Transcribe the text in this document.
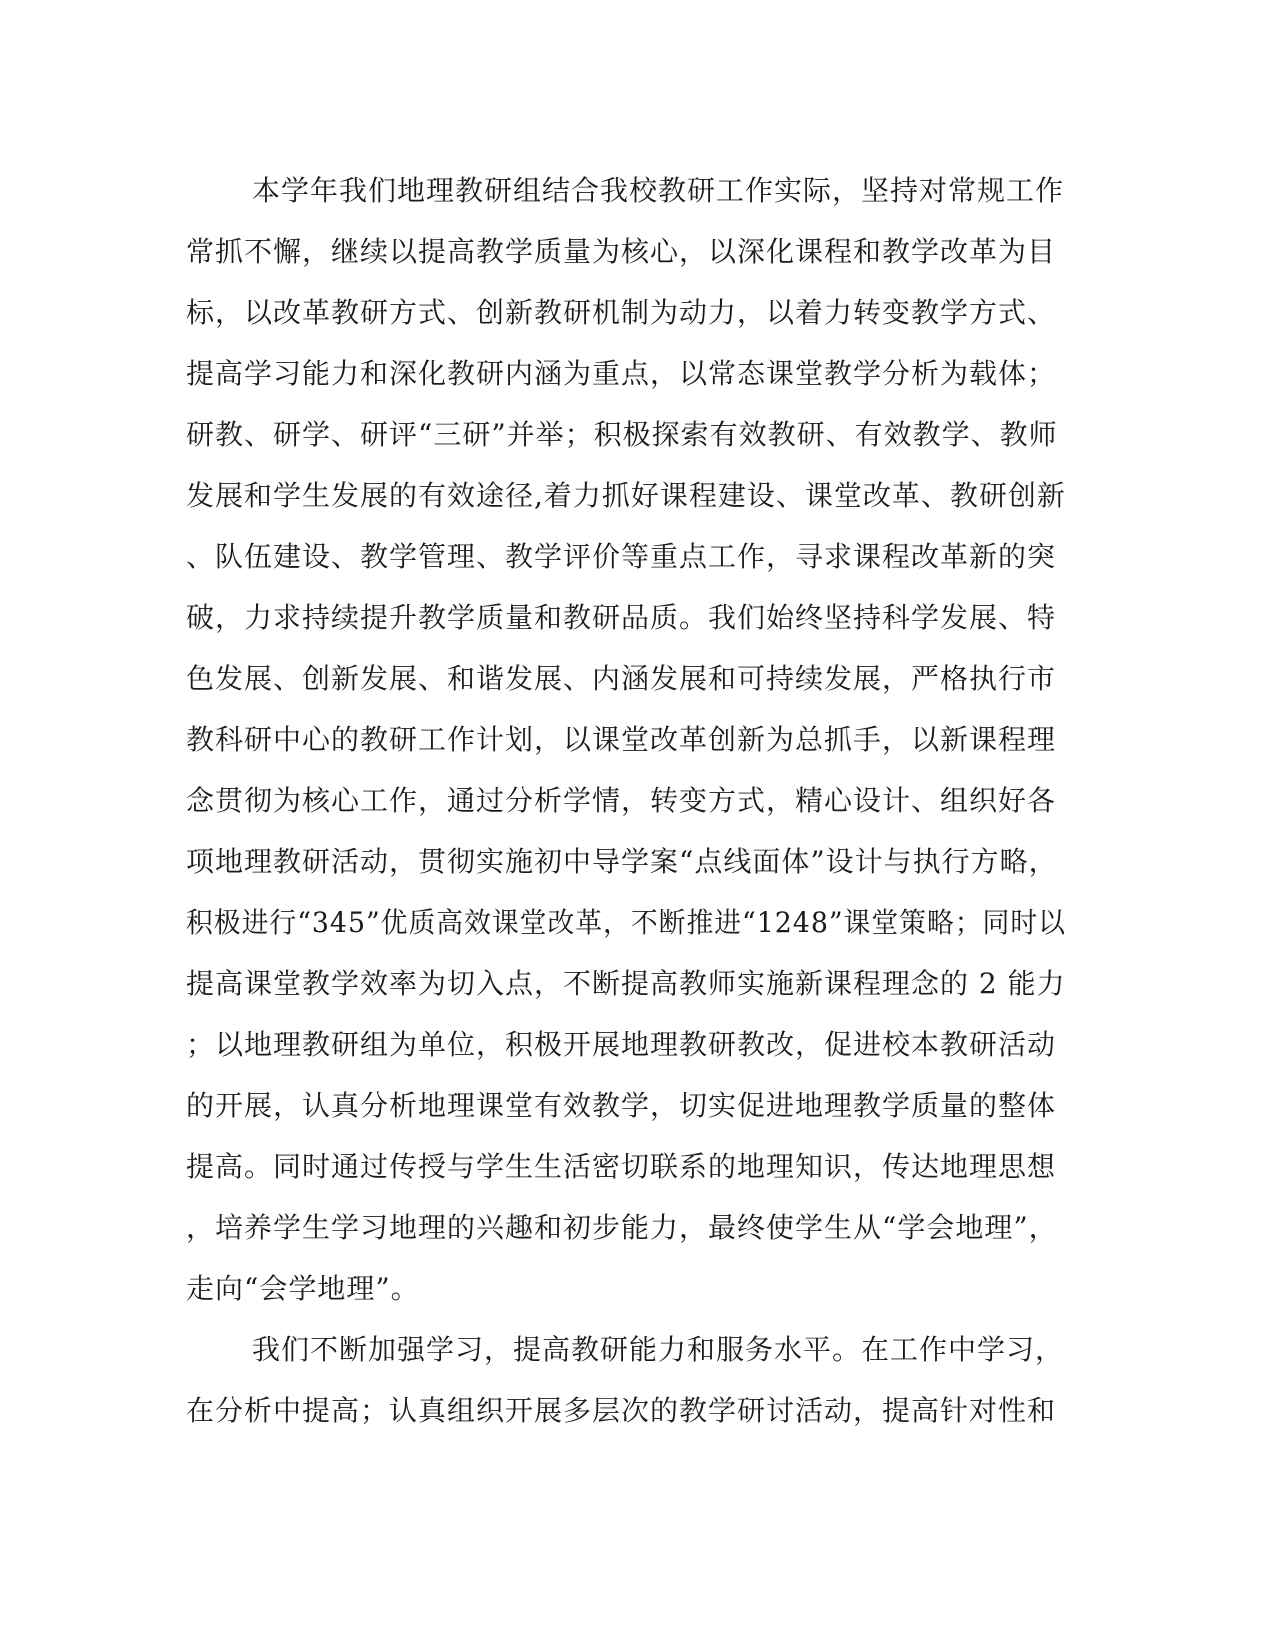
本学年我们地理教研组结合我校教研工作实际，坚持对常规工作
常抓不懈，继续以提高教学质量为核心，以深化课程和教学改革为目
标，以改革教研方式、创新教研机制为动力，以着力转变教学方式、
提高学习能力和深化教研内涵为重点，以常态课堂教学分析为载体；
研教、研学、研评“三研”并举；积极探索有效教研、有效教学、教师
发展和学生发展的有效途径,着力抓好课程建设、课堂改革、教研创新
、队伍建设、教学管理、教学评价等重点工作，寻求课程改革新的突
破，力求持续提升教学质量和教研品质。我们始终坚持科学发展、特
色发展、创新发展、和谐发展、内涵发展和可持续发展，严格执行市
教科研中心的教研工作计划，以课堂改革创新为总抓手，以新课程理
念贯彻为核心工作，通过分析学情，转变方式，精心设计、组织好各
项地理教研活动，贯彻实施初中导学案“点线面体”设计与执行方略，
积极进行“345”优质高效课堂改革，不断推进“1248”课堂策略；同时以
提高课堂教学效率为切入点，不断提高教师实施新课程理念的 2 能力
；以地理教研组为单位，积极开展地理教研教改，促进校本教研活动
的开展，认真分析地理课堂有效教学，切实促进地理教学质量的整体
提高。同时通过传授与学生生活密切联系的地理知识，传达地理思想
，培养学生学习地理的兴趣和初步能力，最终使学生从“学会地理”，
走向“会学地理”。
我们不断加强学习，提高教研能力和服务水平。在工作中学习，
在分析中提高；认真组织开展多层次的教学研讨活动，提高针对性和
